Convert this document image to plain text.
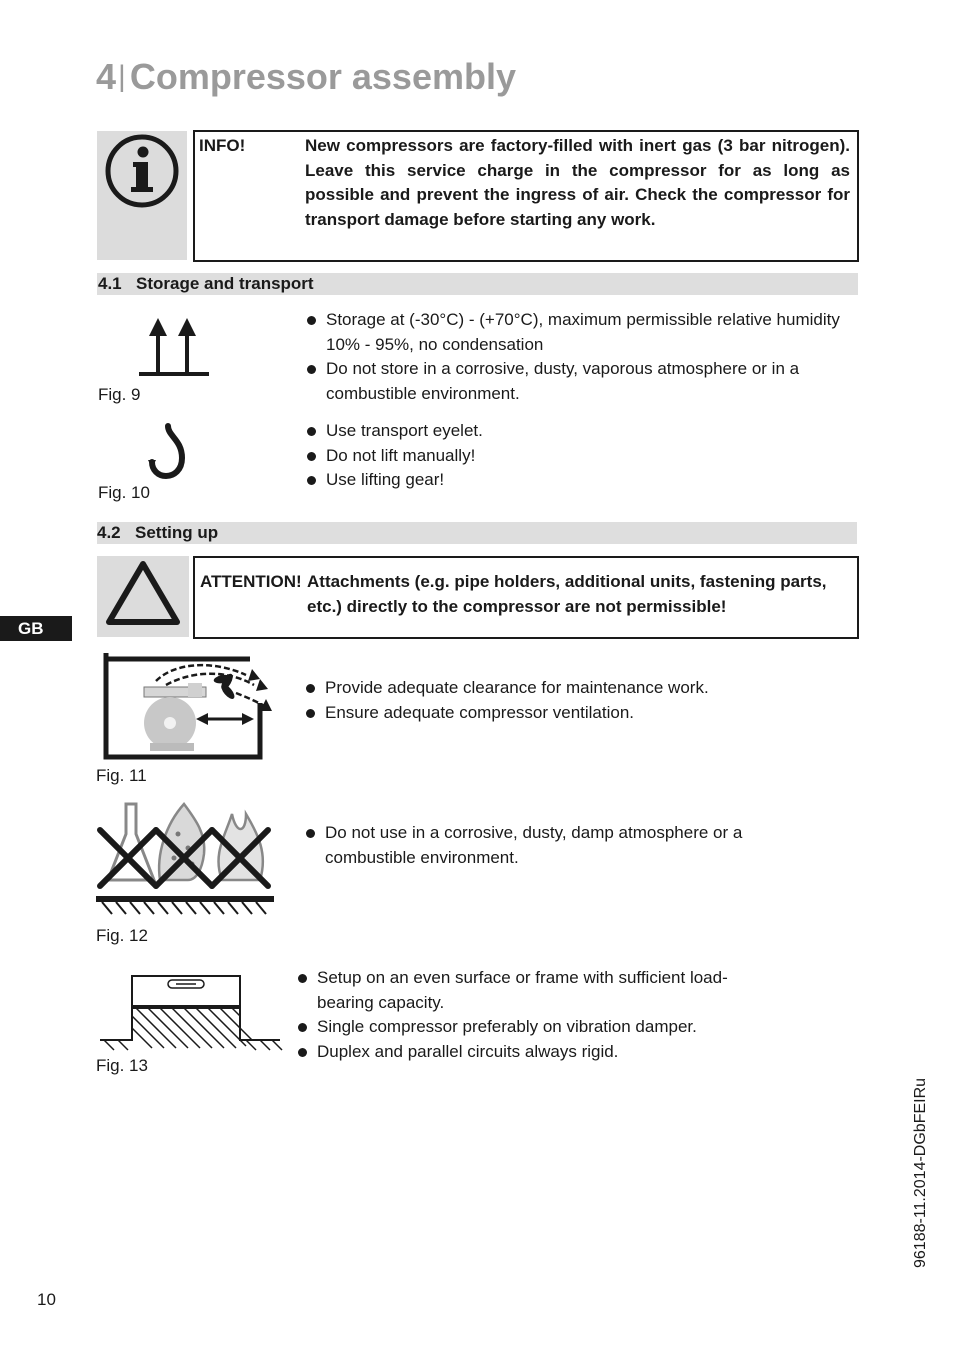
4| Compressor assembly
INFO!	New compressors are factory-filled with inert gas (3 bar nitrogen). Leave this service charge in the compressor for as long as possible and prevent the ingress of air. Check the compressor for transport damage before starting any work.
4.1 Storage and transport
Fig. 9
Storage at (-30°C) - (+70°C), maximum permissible relative humidity 10% - 95%, no condensation
Do not store in a corrosive, dusty, vaporous atmosphere or in a combustible environment.
Fig. 10
Use transport eyelet.
Do not lift manually!
Use lifting gear!
4.2 Setting up
ATTENTION! Attachments (e.g. pipe holders, additional units, fastening parts, etc.) directly to the compressor are not permissible!
GB
Fig. 11
Provide adequate clearance for maintenance work.
Ensure adequate compressor ventilation.
Fig. 12
Do not use in a corrosive, dusty, damp atmosphere or a combustible environment.
Fig. 13
Setup on an even surface or frame with sufficient load-bearing capacity.
Single compressor preferably on vibration damper.
Duplex and parallel circuits always rigid.
96188-11.2014-DGbFEIRu
10
